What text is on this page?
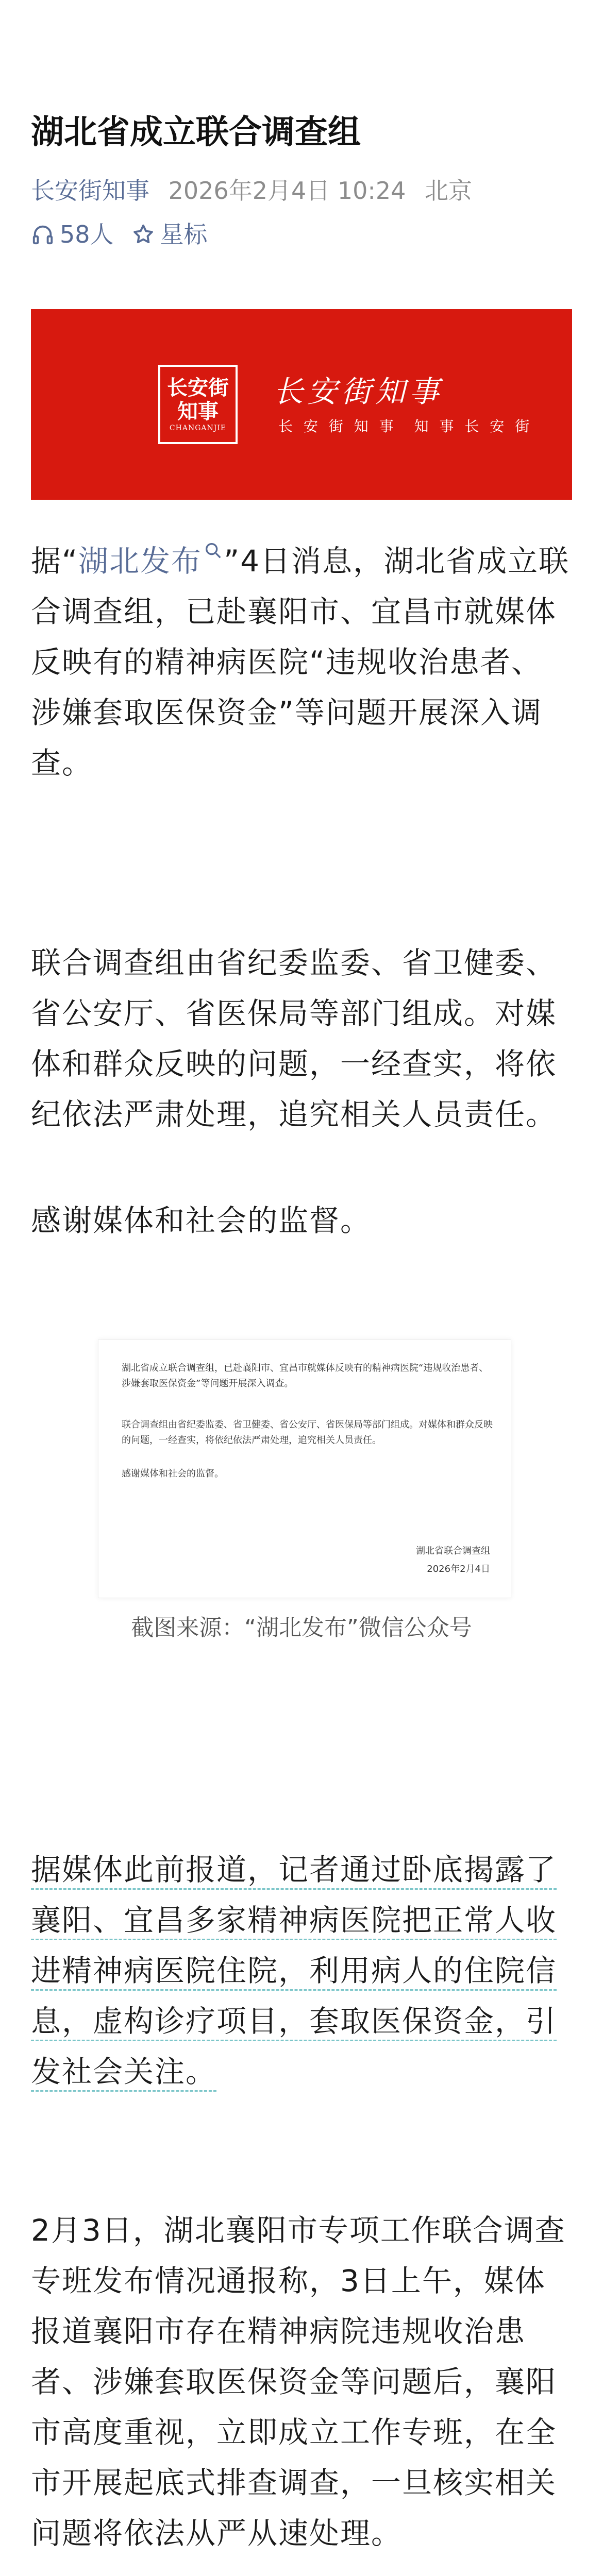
湖北省成立联合调查组
长安街知事 2026年2月4日 10:24 北京
58人 星标
长安街
知事
CHANGANJIE
长安街知事
长 安 街 知 事　知 事 长 安 街

据“湖北发布 ”4日消息，湖北省成立联合调查组，已赴襄阳市、宜昌市就媒体反映有的精神病医院“违规收治患者、涉嫌套取医保资金”等问题开展深入调查。

联合调查组由省纪委监委、省卫健委、省公安厅、省医保局等部门组成。对媒体和群众反映的问题，一经查实，将依纪依法严肃处理，追究相关人员责任。

感谢媒体和社会的监督。

湖北省成立联合调查组，已赴襄阳市、宜昌市就媒体反映有的精神病医院“违规收治患者、涉嫌套取医保资金”等问题开展深入调查。

联合调查组由省纪委监委、省卫健委、省公安厅、省医保局等部门组成。对媒体和群众反映的问题，一经查实，将依纪依法严肃处理，追究相关人员责任。

感谢媒体和社会的监督。

湖北省联合调查组

2026年2月4日

截图来源：“湖北发布”微信公众号

据媒体此前报道，记者通过卧底揭露了襄阳、宜昌多家精神病医院把正常人收进精神病医院住院，利用病人的住院信息，虚构诊疗项目，套取医保资金，引发社会关注。

2月3日，湖北襄阳市专项工作联合调查专班发布情况通报称，3日上午，媒体报道襄阳市存在精神病院违规收治患者、涉嫌套取医保资金等问题后，襄阳市高度重视，立即成立工作专班，在全市开展起底式排查调查，一旦核实相关问题将依法从严从速处理。
